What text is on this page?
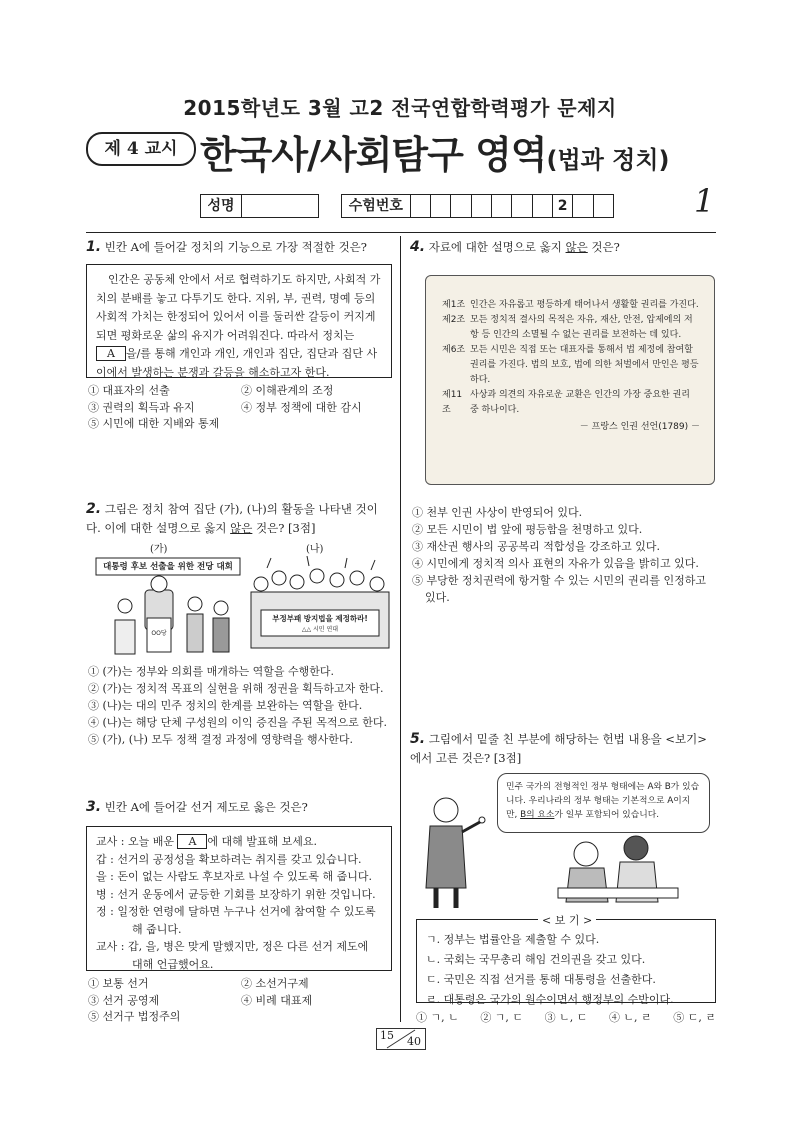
2015학년도 3월 고2 전국연합학력평가 문제지
제 4 교시 한국사/사회탐구 영역(법과 정치)
성명	수험번호	2	1
1. 빈칸 A에 들어갈 정치의 기능으로 가장 적절한 것은?
인간은 공동체 안에서 서로 협력하기도 하지만, 사회적 가치의 분배를 놓고 다투기도 한다. 지위, 부, 권력, 명예 등의 사회적 가치는 한정되어 있어서 이를 둘러싼 갈등이 커지게 되면 평화로운 삶의 유지가 어려워진다. 따라서 정치는 A 을/를 통해 개인과 개인, 개인과 집단, 집단과 집단 사이에서 발생하는 분쟁과 갈등을 해소하고자 한다.
① 대표자의 선출	② 이해관계의 조정
③ 권력의 획득과 유지	④ 정부 정책에 대한 감시
⑤ 시민에 대한 지배와 통제
2. 그림은 정치 참여 집단 (가), (나)의 활동을 나타낸 것이다. 이에 대한 설명으로 옳지 않은 것은? [3점]
(가)	(나)
대통령 후보 선출을 위한 전당 대회
OO당
부정부패 방지법을 제정하라!
△△ 시민 연대
① (가)는 정부와 의회를 매개하는 역할을 수행한다.
② (가)는 정치적 목표의 실현을 위해 정권을 획득하고자 한다.
③ (나)는 대의 민주 정치의 한계를 보완하는 역할을 한다.
④ (나)는 해당 단체 구성원의 이익 증진을 주된 목적으로 한다.
⑤ (가), (나) 모두 정책 결정 과정에 영향력을 행사한다.
3. 빈칸 A에 들어갈 선거 제도로 옳은 것은?
교사 : 오늘 배운 A 에 대해 발표해 보세요.
갑 : 선거의 공정성을 확보하려는 취지를 갖고 있습니다.
을 : 돈이 없는 사람도 후보자로 나설 수 있도록 해 줍니다.
병 : 선거 운동에서 균등한 기회를 보장하기 위한 것입니다.
정 : 일정한 연령에 달하면 누구나 선거에 참여할 수 있도록 해 줍니다.
교사 : 갑, 을, 병은 맞게 말했지만, 정은 다른 선거 제도에 대해 언급했어요.
① 보통 선거	② 소선거구제
③ 선거 공영제	④ 비례 대표제
⑤ 선거구 법정주의
4. 자료에 대한 설명으로 옳지 않은 것은?
제1조 인간은 자유롭고 평등하게 태어나서 생활할 권리를 가진다.
제2조 모든 정치적 결사의 목적은 자유, 재산, 안전, 압제에의 저항 등 인간의 소멸될 수 없는 권리를 보전하는 데 있다.
제6조 모든 시민은 직접 또는 대표자를 통해서 법 제정에 참여할 권리를 가진다. 법의 보호, 법에 의한 처벌에서 만인은 평등하다.
제11조
사상과 의견의 자유로운 교환은 인간의 가장 중요한 권리 중 하나이다.
－ 프랑스 인권 선언(1789) －
① 천부 인권 사상이 반영되어 있다.
② 모든 시민이 법 앞에 평등함을 천명하고 있다.
③ 재산권 행사의 공공복리 적합성을 강조하고 있다.
④ 시민에게 정치적 의사 표현의 자유가 있음을 밝히고 있다.
⑤ 부당한 정치권력에 항거할 수 있는 시민의 권리를 인정하고 있다.
5. 그림에서 밑줄 친 부분에 해당하는 헌법 내용을 <보기>에서 고른 것은? [3점]
민주 국가의 전형적인 정부 형태에는 A와 B가 있습니다. 우리나라의 정부 형태는 기본적으로 A이지만, B의 요소가 일부 포함되어 있습니다.
ㄱ. 정부는 법률안을 제출할 수 있다.
ㄴ. 국회는 국무총리 해임 건의권을 갖고 있다.
ㄷ. 국민은 직접 선거를 통해 대통령을 선출한다.
ㄹ. 대통령은 국가의 원수이면서 행정부의 수반이다.
< 보 기 >
① ㄱ, ㄴ ② ㄱ, ㄷ ③ ㄴ, ㄷ ④ ㄴ, ㄹ ⑤ ㄷ, ㄹ
15 40
